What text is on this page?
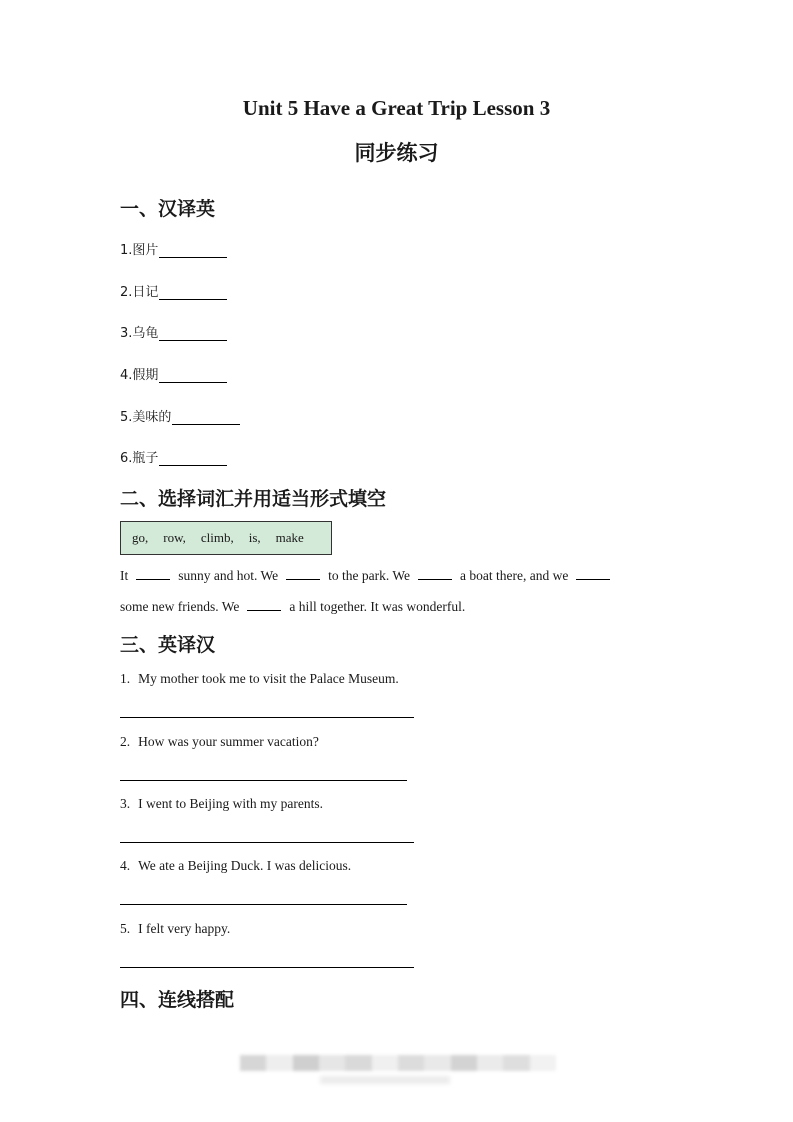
Unit 5 Have a Great Trip Lesson 3
同步练习
一、汉译英
1.图片
2.日记
3.乌龟
4.假期
5.美味的
6.瓶子
二、选择词汇并用适当形式填空
go, row, climb, is, make
It	sunny and hot. We	to the park. We	a boat there, and we
some new friends. We	a hill together. It was wonderful.
三、英译汉
1. My mother took me to visit the Palace Museum.
2. How was your summer vacation?
3. I went to Beijing with my parents.
4. We ate a Beijing Duck. I was delicious.
5. I felt very happy.
四、连线搭配
